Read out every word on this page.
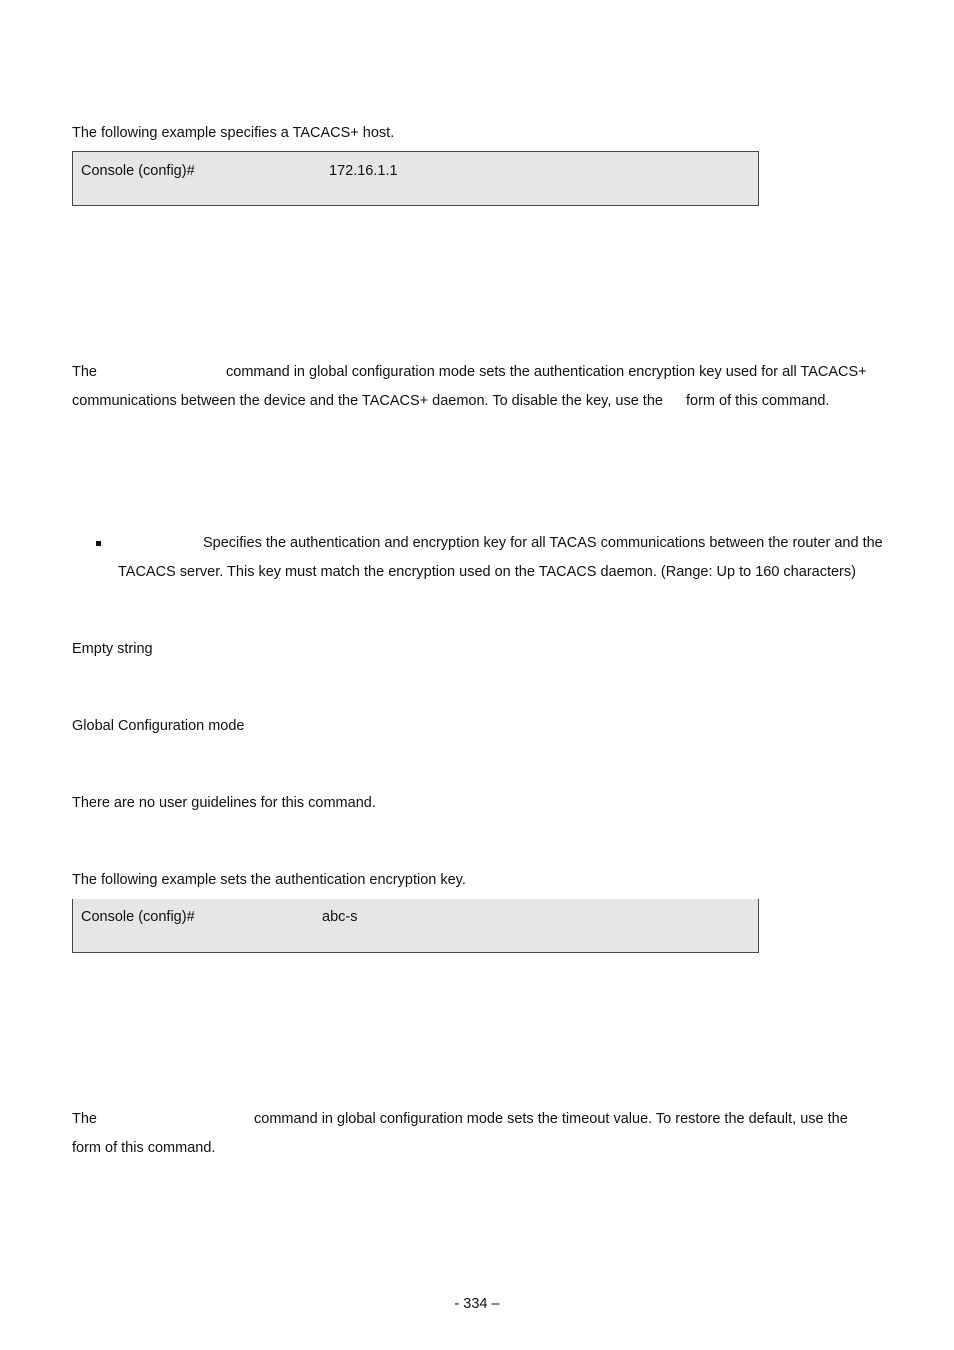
The following example specifies a TACACS+ host.
Console (config)#	172.16.1.1
The	command in global configuration mode sets the authentication encryption key used for all TACACS+
communications between the device and the TACACS+ daemon. To disable the key, use the form of this command.
Specifies the authentication and encryption key for all TACAS communications between the router and the
TACACS server. This key must match the encryption used on the TACACS daemon. (Range: Up to 160 characters)
Empty string
Global Configuration mode
There are no user guidelines for this command.
The following example sets the authentication encryption key.
Console (config)#	abc-s
The	command in global configuration mode sets the timeout value. To restore the default, use the
form of this command.
- 334 –
